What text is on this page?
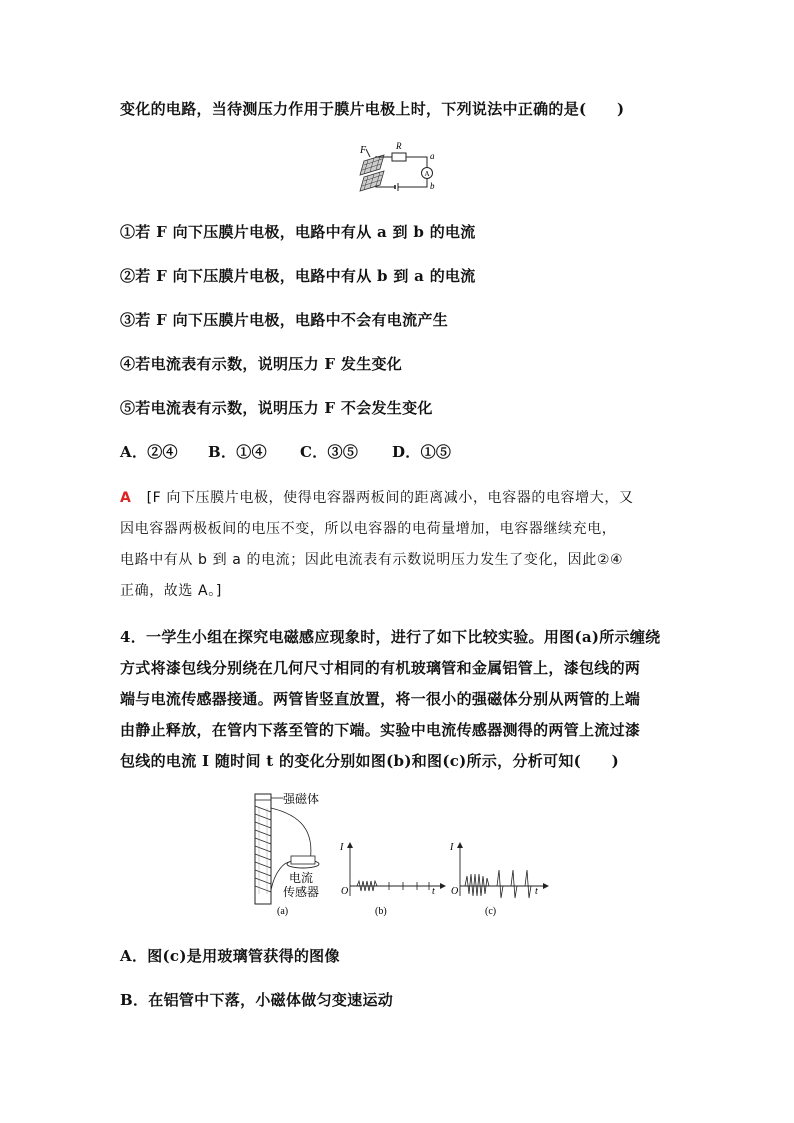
变化的电路，当待测压力作用于膜片电极上时，下列说法中正确的是(　　)
F	R
A
a
b
①若 F 向下压膜片电极，电路中有从 a 到 b 的电流
②若 F 向下压膜片电极，电路中有从 b 到 a 的电流
③若 F 向下压膜片电极，电路中不会有电流产生
④若电流表有示数，说明压力 F 发生变化
⑤若电流表有示数，说明压力 F 不会发生变化
A．②④ B．①④ C．③⑤ D．①⑤
A [F 向下压膜片电极，使得电容器两板间的距离减小，电容器的电容增大，又
因电容器两极板间的电压不变，所以电容器的电荷量增加，电容器继续充电，
电路中有从 b 到 a 的电流；因此电流表有示数说明压力发生了变化，因此②④
正确，故选 A。]
4．一学生小组在探究电磁感应现象时，进行了如下比较实验。用图(a)所示缠绕
方式将漆包线分别绕在几何尺寸相同的有机玻璃管和金属铝管上，漆包线的两
端与电流传感器接通。两管皆竖直放置，将一很小的强磁体分别从两管的上端
由静止释放，在管内下落至管的下端。实验中电流传感器测得的两管上流过漆
包线的电流 I 随时间 t 的变化分别如图(b)和图(c)所示，分析可知(　　)
强磁体
电流
传感器
(a)
I
O	t
(b)
I
O	t
(c)
A．图(c)是用玻璃管获得的图像
B．在铝管中下落，小磁体做匀变速运动
